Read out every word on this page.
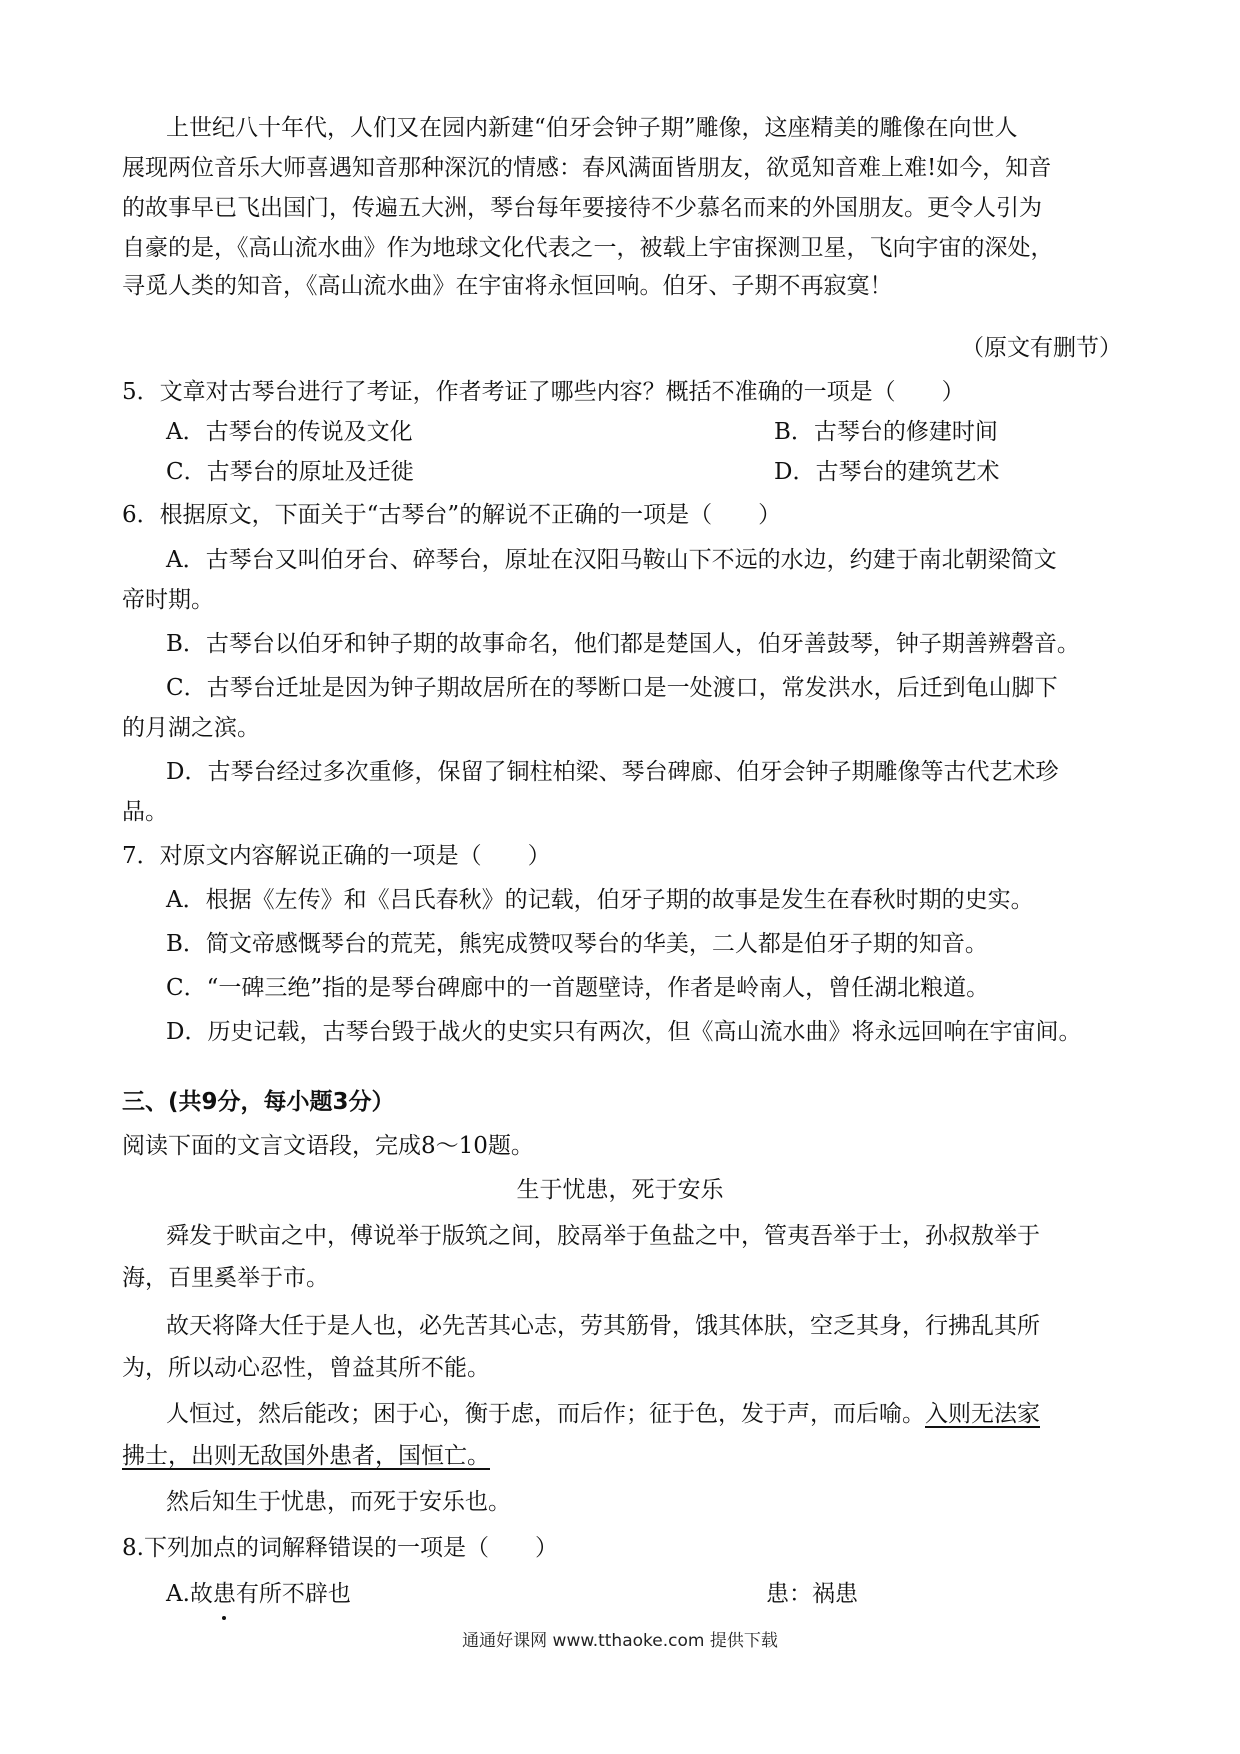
上世纪八十年代，人们又在园内新建“伯牙会钟子期”雕像，这座精美的雕像在向世人
展现两位音乐大师喜遇知音那种深沉的情感：春风满面皆朋友，欲觅知音难上难!如今，知音
的故事早已飞出国门，传遍五大洲，琴台每年要接待不少慕名而来的外国朋友。更令人引为
自豪的是，《高山流水曲》作为地球文化代表之一，被载上宇宙探测卫星，飞向宇宙的深处，
寻觅人类的知音，《高山流水曲》在宇宙将永恒回响。伯牙、子期不再寂寞！
（原文有删节）
5．文章对古琴台进行了考证，作者考证了哪些内容？概括不准确的一项是（　　）
A．古琴台的传说及文化	B．古琴台的修建时间
C．古琴台的原址及迁徙	D．古琴台的建筑艺术
6．根据原文，下面关于“古琴台”的解说不正确的一项是（　　）
A．古琴台又叫伯牙台、碎琴台，原址在汉阳马鞍山下不远的水边，约建于南北朝梁简文
帝时期。
B．古琴台以伯牙和钟子期的故事命名，他们都是楚国人，伯牙善鼓琴，钟子期善辨磬音。
C．古琴台迁址是因为钟子期故居所在的琴断口是一处渡口，常发洪水，后迁到龟山脚下
的月湖之滨。
D．古琴台经过多次重修，保留了铜柱柏梁、琴台碑廊、伯牙会钟子期雕像等古代艺术珍
品。
7．对原文内容解说正确的一项是（　　）
A．根据《左传》和《吕氏春秋》的记载，伯牙子期的故事是发生在春秋时期的史实。
B．简文帝感慨琴台的荒芜，熊宪成赞叹琴台的华美，二人都是伯牙子期的知音。
C．“一碑三绝”指的是琴台碑廊中的一首题壁诗，作者是岭南人，曾任湖北粮道。
D．历史记载，古琴台毁于战火的史实只有两次，但《高山流水曲》将永远回响在宇宙间。
三、(共9分，每小题3分）
阅读下面的文言文语段，完成8～10题。
生于忧患，死于安乐
舜发于畎亩之中，傅说举于版筑之间，胶鬲举于鱼盐之中，管夷吾举于士，孙叔敖举于
海，百里奚举于市。
故天将降大任于是人也，必先苦其心志，劳其筋骨，饿其体肤，空乏其身，行拂乱其所
为，所以动心忍性，曾益其所不能。
人恒过，然后能改；困于心，衡于虑，而后作；征于色，发于声，而后喻。入则无法家
拂士，出则无敌国外患者，国恒亡。
然后知生于忧患，而死于安乐也。
8.下列加点的词解释错误的一项是（　　）
A.故患有所不辟也	患：祸患
通通好课网 www.tthaoke.com 提供下载
